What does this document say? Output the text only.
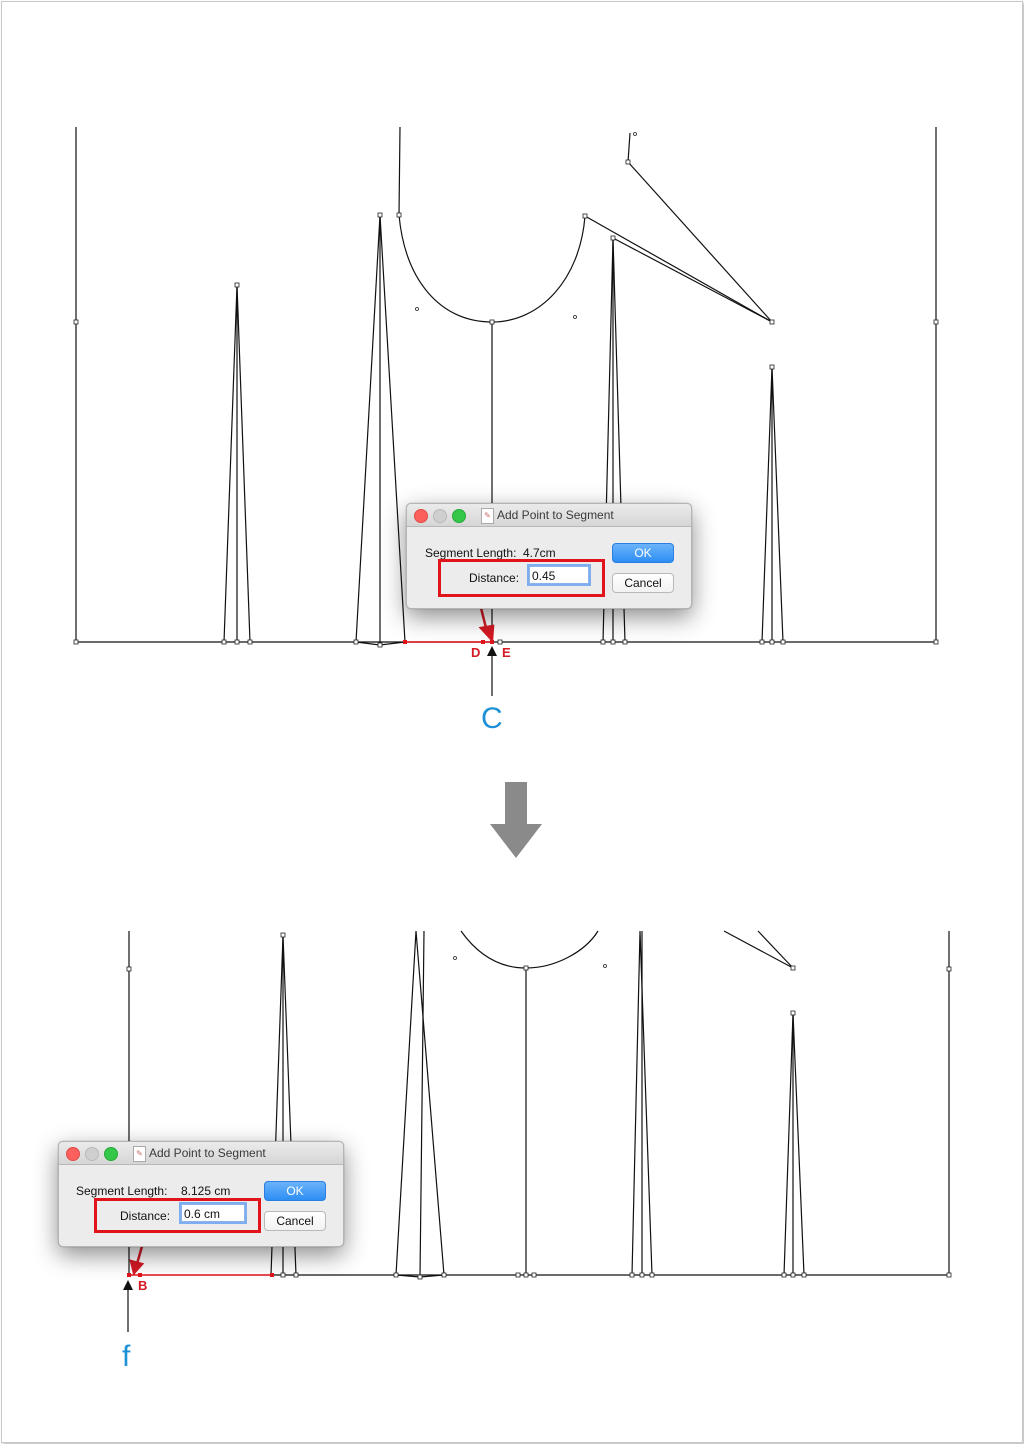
✎ Add Point to Segment
Segment Length: 4.7cm
Distance: 0.45
OK
Cancel
D E
C
✎ Add Point to Segment
Segment Length: 8.125 cm
Distance: 0.6 cm
OK
Cancel
B
f
